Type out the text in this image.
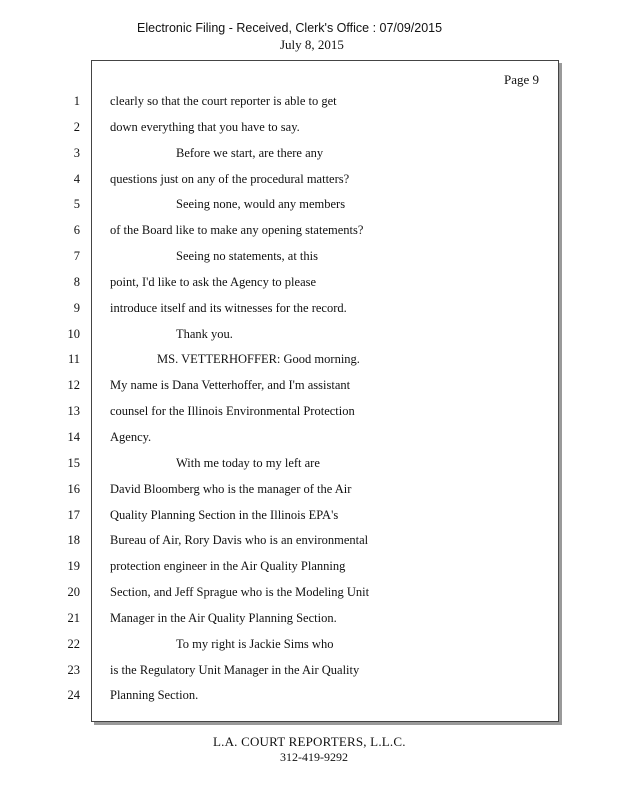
Electronic Filing - Received, Clerk's Office : 07/09/2015
July 8, 2015
Page 9
1 clearly so that the court reporter is able to get
2 down everything that you have to say.
3	Before we start, are there any
4 questions just on any of the procedural matters?
5	Seeing none, would any members
6 of the Board like to make any opening statements?
7	Seeing no statements, at this
8 point, I'd like to ask the Agency to please
9 introduce itself and its witnesses for the record.
10	Thank you.
11	MS. VETTERHOFFER: Good morning.
12 My name is Dana Vetterhoffer, and I'm assistant
13 counsel for the Illinois Environmental Protection
14 Agency.
15	With me today to my left are
16 David Bloomberg who is the manager of the Air
17 Quality Planning Section in the Illinois EPA's
18 Bureau of Air, Rory Davis who is an environmental
19 protection engineer in the Air Quality Planning
20 Section, and Jeff Sprague who is the Modeling Unit
21 Manager in the Air Quality Planning Section.
22	To my right is Jackie Sims who
23 is the Regulatory Unit Manager in the Air Quality
24 Planning Section.
L.A. COURT REPORTERS, L.L.C.
312-419-9292
